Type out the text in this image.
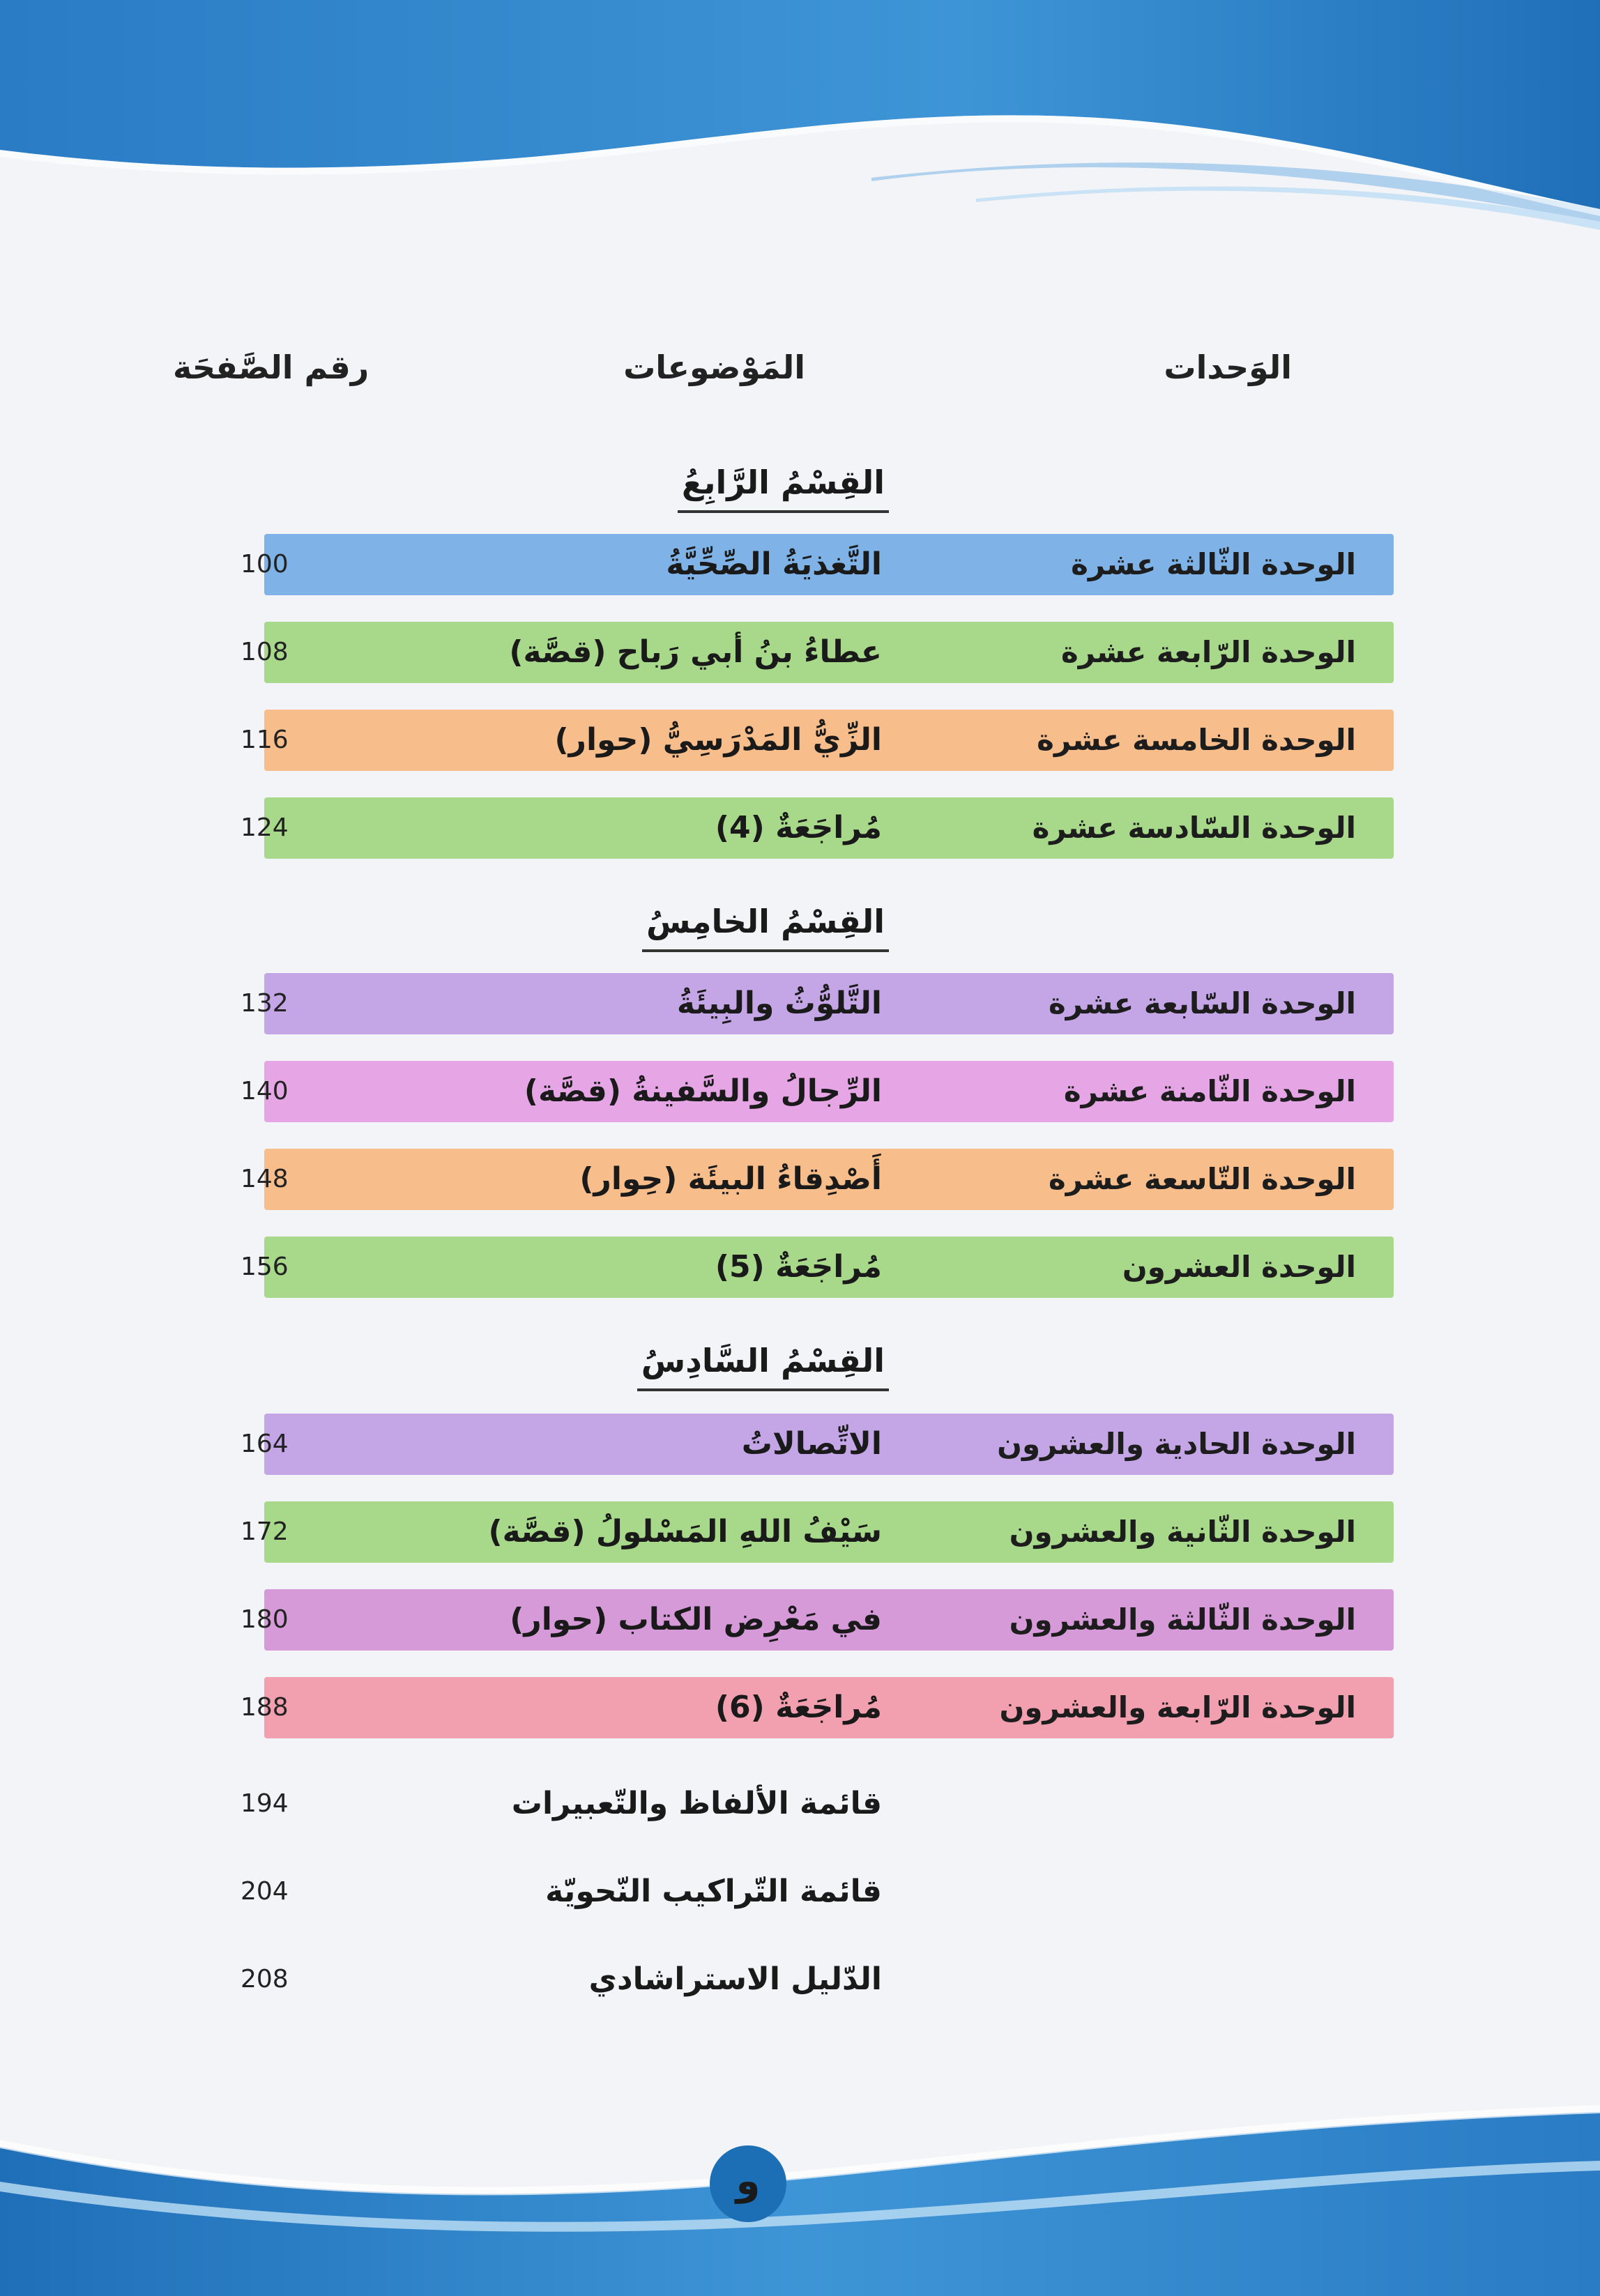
الوَحدات
المَوْضوعات
رقم الصَّفحَة
القِسْمُ الرَّابِعُ
الوحدة الثّالثة عشرة
التَّغذيَةُ الصِّحِّيَّةُ
100
الوحدة الرّابعة عشرة
عطاءُ بنُ أبي رَباح (قصَّة)
108
الوحدة الخامسة عشرة
الزِّيُّ المَدْرَسِيُّ (حوار)
116
الوحدة السّادسة عشرة
مُراجَعَةٌ (4)
124
القِسْمُ الخامِسُ
الوحدة السّابعة عشرة
التَّلوُّثُ والبِيئَةُ
132
الوحدة الثّامنة عشرة
الرِّجالُ والسَّفينةُ (قصَّة)
140
الوحدة التّاسعة عشرة
أَصْدِقاءُ البيئَة (حِوار)
148
الوحدة العشرون
مُراجَعَةٌ (5)
156
القِسْمُ السَّادِسُ
الوحدة الحادية والعشرون
الاتِّصالاتُ
164
الوحدة الثّانية والعشرون
سَيْفُ اللهِ المَسْلولُ (قصَّة)
172
الوحدة الثّالثة والعشرون
في مَعْرِض الكتاب (حوار)
180
الوحدة الرّابعة والعشرون
مُراجَعَةٌ (6)
188
قائمة الألفاظ والتّعبيرات
194
قائمة التّراكيب النّحويّة
204
الدّليل الاستراشادي
208
و
